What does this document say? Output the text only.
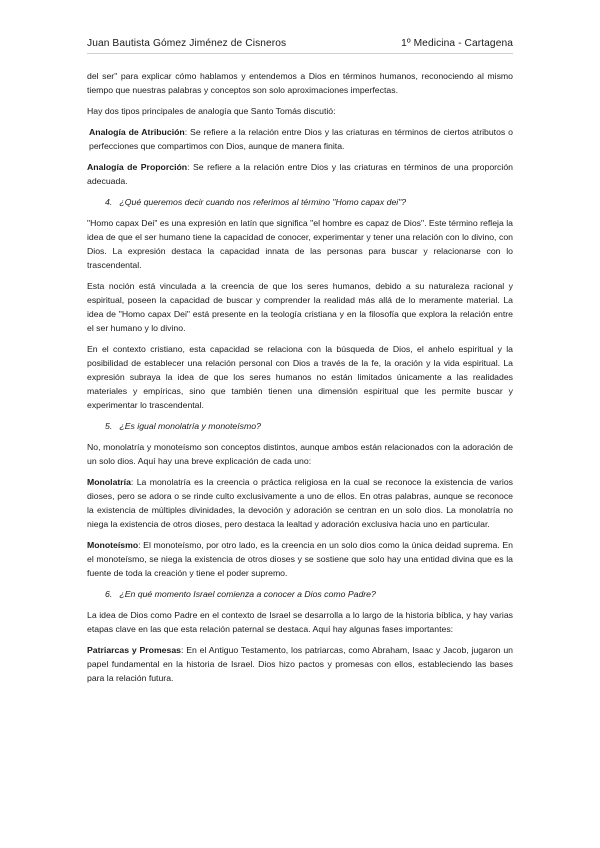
Juan Bautista Gómez Jiménez de Cisneros	1º Medicina - Cartagena

del ser" para explicar cómo hablamos y entendemos a Dios en términos humanos, reconociendo al mismo tiempo que nuestras palabras y conceptos son solo aproximaciones imperfectas.

Hay dos tipos principales de analogía que Santo Tomás discutió:

Analogía de Atribución: Se refiere a la relación entre Dios y las criaturas en términos de ciertos atributos o perfecciones que compartimos con Dios, aunque de manera finita.

Analogía de Proporción: Se refiere a la relación entre Dios y las criaturas en términos de una proporción adecuada.

4. ¿Qué queremos decir cuando nos referimos al término "Homo capax dei"?

"Homo capax Dei" es una expresión en latín que significa "el hombre es capaz de Dios". Este término refleja la idea de que el ser humano tiene la capacidad de conocer, experimentar y tener una relación con lo divino, con Dios. La expresión destaca la capacidad innata de las personas para buscar y relacionarse con lo trascendental.

Esta noción está vinculada a la creencia de que los seres humanos, debido a su naturaleza racional y espiritual, poseen la capacidad de buscar y comprender la realidad más allá de lo meramente material. La idea de "Homo capax Dei" está presente en la teología cristiana y en la filosofía que explora la relación entre el ser humano y lo divino.

En el contexto cristiano, esta capacidad se relaciona con la búsqueda de Dios, el anhelo espiritual y la posibilidad de establecer una relación personal con Dios a través de la fe, la oración y la vida espiritual. La expresión subraya la idea de que los seres humanos no están limitados únicamente a las realidades materiales y empíricas, sino que también tienen una dimensión espiritual que les permite buscar y experimentar lo trascendental.

5. ¿Es igual monolatría y monoteísmo?

No, monolatría y monoteísmo son conceptos distintos, aunque ambos están relacionados con la adoración de un solo dios. Aquí hay una breve explicación de cada uno:

Monolatría: La monolatría es la creencia o práctica religiosa en la cual se reconoce la existencia de varios dioses, pero se adora o se rinde culto exclusivamente a uno de ellos. En otras palabras, aunque se reconoce la existencia de múltiples divinidades, la devoción y adoración se centran en un solo dios. La monolatría no niega la existencia de otros dioses, pero destaca la lealtad y adoración exclusiva hacia uno en particular.

Monoteísmo: El monoteísmo, por otro lado, es la creencia en un solo dios como la única deidad suprema. En el monoteísmo, se niega la existencia de otros dioses y se sostiene que solo hay una entidad divina que es la fuente de toda la creación y tiene el poder supremo.

6. ¿En qué momento Israel comienza a conocer a Dios como Padre?

La idea de Dios como Padre en el contexto de Israel se desarrolla a lo largo de la historia bíblica, y hay varias etapas clave en las que esta relación paternal se destaca. Aquí hay algunas fases importantes:

Patriarcas y Promesas: En el Antiguo Testamento, los patriarcas, como Abraham, Isaac y Jacob, jugaron un papel fundamental en la historia de Israel. Dios hizo pactos y promesas con ellos, estableciendo las bases para la relación futura.
